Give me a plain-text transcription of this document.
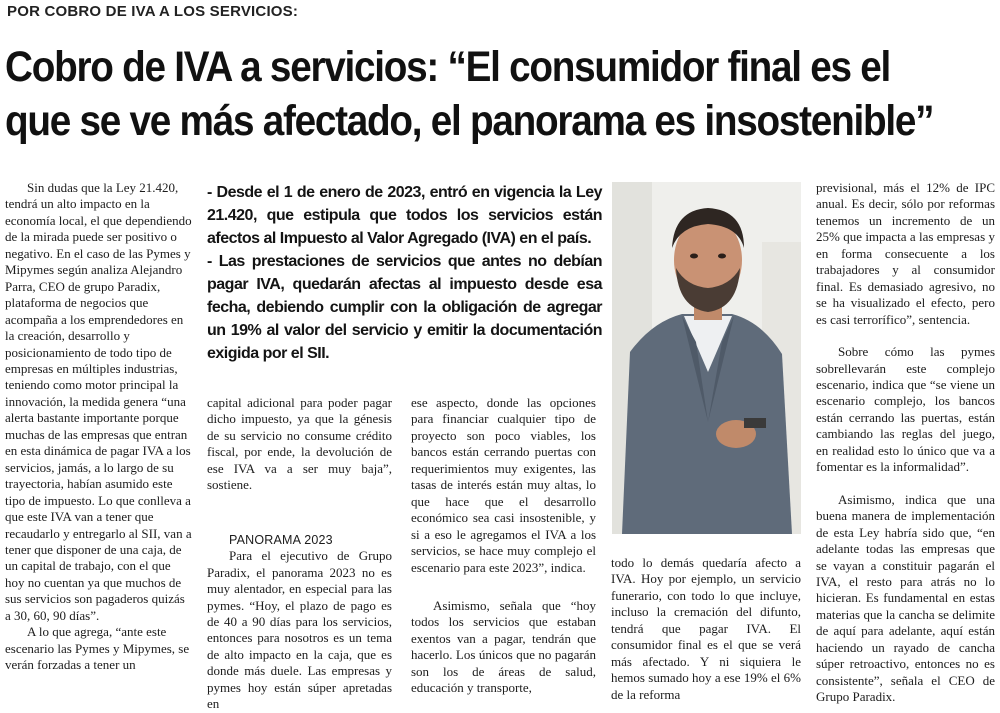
POR COBRO DE IVA A LOS SERVICIOS:
Cobro de IVA a servicios: “El consumidor final es el
que se ve más afectado, el panorama es insostenible”

Sin dudas que la Ley 21.420, tendrá un alto impacto en la economía local, el que dependiendo de la mirada puede ser positivo o negativo. En el caso de las Pymes y Mipymes según analiza Alejandro Parra, CEO de grupo Paradix, plataforma de negocios que acompaña a los emprendedores en la creación, desarrollo y posicionamiento de todo tipo de empresas en múltiples industrias, teniendo como motor principal la innovación, la medida genera “una alerta bastante importante porque muchas de las empresas que entran en esta dinámica de pagar IVA a los servicios, jamás, a lo largo de su trayectoria, habían asumido este tipo de impuesto. Lo que conlleva a que este IVA van a tener que recaudarlo y entregarlo al SII, van a tener que disponer de una caja, de un capital de trabajo, con el que hoy no cuentan ya que muchos de sus servicios son pagaderos quizás a 30, 60, 90 días”.

A lo que agrega, “ante este escenario las Pymes y Mipymes, se verán forzadas a tener un

- Desde el 1 de enero de 2023, entró en vigencia la Ley 21.420, que estipula que todos los servicios están afectos al Impuesto al Valor Agregado (IVA) en el país.

- Las prestaciones de servicios que antes no debían pagar IVA, quedarán afectas al impuesto desde esa fecha, debiendo cumplir con la obligación de agregar un 19% al valor del servicio y emitir la documentación exigida por el SII.

capital adicional para poder pagar dicho impuesto, ya que la génesis de su servicio no consume crédito fiscal, por ende, la devolución de ese IVA va a ser muy baja”, sostiene.

PANORAMA 2023

Para el ejecutivo de Grupo Paradix, el panorama 2023 no es muy alentador, en especial para las pymes. “Hoy, el plazo de pago es de 40 a 90 días para los servicios, entonces para nosotros es un tema de alto impacto en la caja, que es donde más duele. Las empresas y pymes hoy están súper apretadas en

ese aspecto, donde las opciones para financiar cualquier tipo de proyecto son poco viables, los bancos están cerrando puertas con requerimientos muy exigentes, las tasas de interés están muy altas, lo que hace que el desarrollo económico sea casi insostenible, y si a eso le agregamos el IVA a los servicios, se hace muy complejo el escenario para este 2023”, indica.

Asimismo, señala que “hoy todos los servicios que estaban exentos van a pagar, tendrán que hacerlo. Los únicos que no pagarán son los de áreas de salud, educación y transporte,

todo lo demás quedaría afecto a IVA. Hoy por ejemplo, un servicio funerario, con todo lo que incluye, incluso la cremación del difunto, tendrá que pagar IVA. El consumidor final es el que se verá más afectado. Y ni siquiera le hemos sumado hoy a ese 19% el 6% de la reforma

previsional, más el 12% de IPC anual. Es decir, sólo por reformas tenemos un incremento de un 25% que impacta a las empresas y en forma consecuente a los trabajadores y al consumidor final. Es demasiado agresivo, no se ha visualizado el efecto, pero es casi terrorífico”, sentencia.

Sobre cómo las pymes sobrellevarán este complejo escenario, indica que “se viene un escenario complejo, los bancos están cerrando las puertas, están cambiando las reglas del juego, en realidad esto lo único que va a fomentar es la informalidad”.

Asimismo, indica que una buena manera de implementación de esta Ley habría sido que, “en adelante todas las empresas que se vayan a constituir pagarán el IVA, el resto para atrás no lo hicieran. Es fundamental en estas materias que la cancha se delimite de aquí para adelante, aquí están haciendo un rayado de cancha súper retroactivo, entonces no es consistente”, señala el CEO de Grupo Paradix.
